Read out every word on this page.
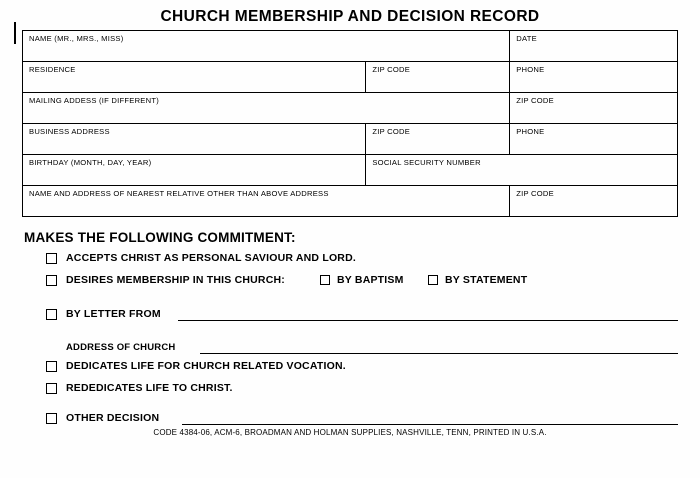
CHURCH MEMBERSHIP AND DECISION RECORD
NAME (MR., MRS., MISS)	DATE
RESIDENCE	ZIP CODE	PHONE
MAILING ADDESS (IF DIFFERENT)	ZIP CODE
BUSINESS ADDRESS	ZIP CODE	PHONE
BIRTHDAY (MONTH, DAY, YEAR)	SOCIAL SECURITY NUMBER
NAME AND ADDRESS OF NEAREST RELATIVE OTHER THAN ABOVE ADDRESS	ZIP CODE
MAKES THE FOLLOWING COMMITMENT:
ACCEPTS CHRIST AS PERSONAL SAVIOUR AND LORD.
DESIRES MEMBERSHIP IN THIS CHURCH:	BY BAPTISM	BY STATEMENT
BY LETTER FROM
ADDRESS OF CHURCH
DEDICATES LIFE FOR CHURCH RELATED VOCATION.
REDEDICATES LIFE TO CHRIST.
OTHER DECISION
CODE 4384-06, ACM-6, BROADMAN AND HOLMAN SUPPLIES, NASHVILLE, TENN, PRINTED IN U.S.A.
